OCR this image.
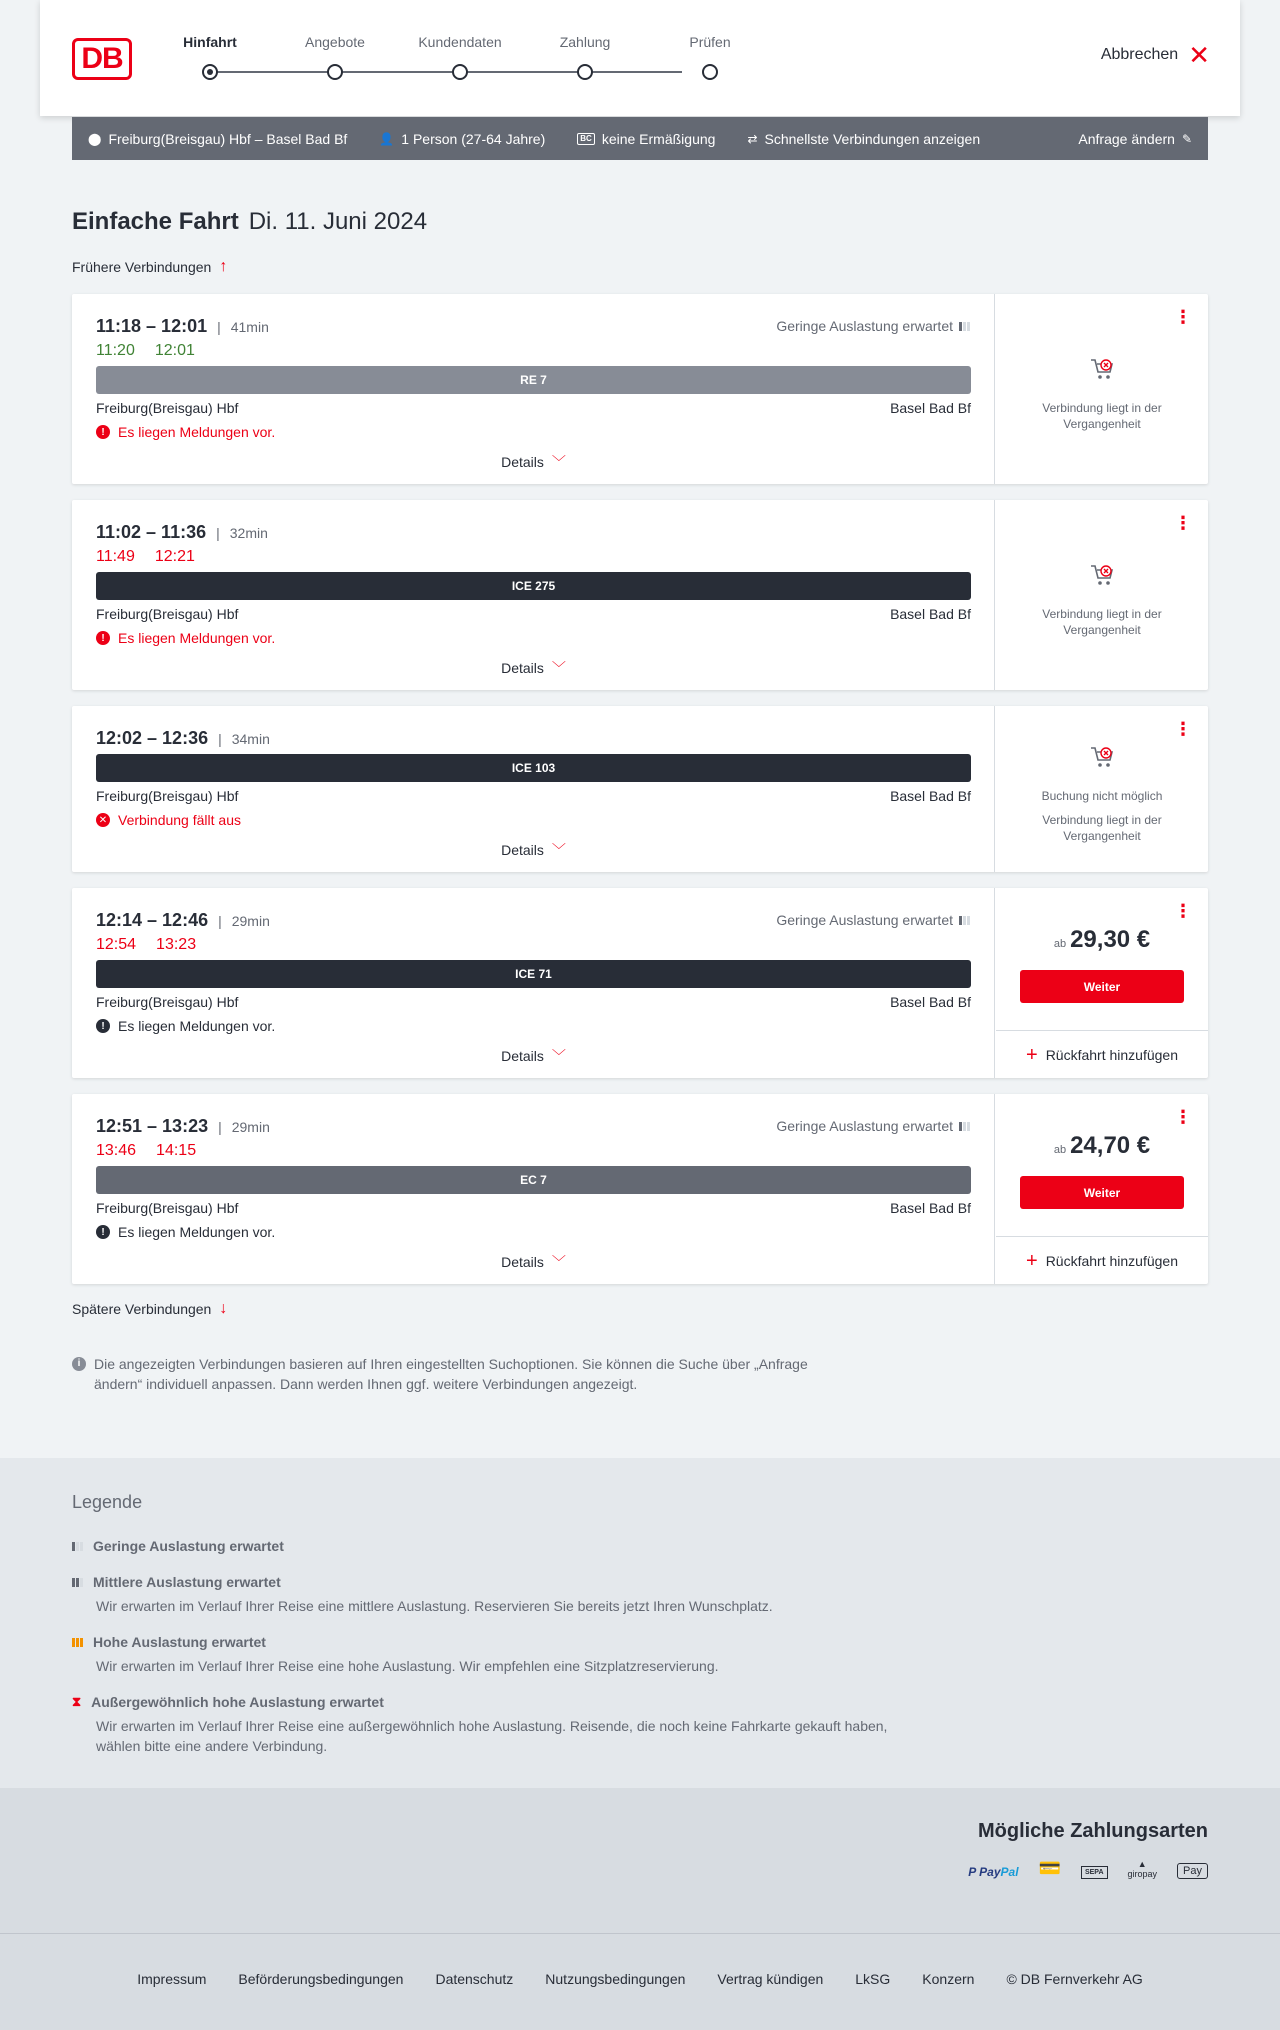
DB	Hinfahrt	Angebote	Kundendaten	Zahlung	Prüfen
Abbrechen ✕
⬤ Freiburg(Breisgau) Hbf – Basel Bad Bf	👤 1 Person (27-64 Jahre)	BC keine Ermäßigung	⇄ Schnellste Verbindungen anzeigen	Anfrage ändern ✎
Einfache Fahrt Di. 11. Juni 2024
Frühere Verbindungen ↑
11:18 – 12:01 | 41min
11:20 12:01
Geringe Auslastung erwartet
RE 7
Freiburg(Breisgau) Hbf	Basel Bad Bf
! Es liegen Meldungen vor.
Details ﹀
⋮
Verbindung liegt in der Vergangenheit
11:02 – 11:36 | 32min
11:49 12:21
ICE 275
Freiburg(Breisgau) Hbf	Basel Bad Bf
! Es liegen Meldungen vor.
Details ﹀
⋮
Verbindung liegt in der Vergangenheit
12:02 – 12:36 | 34min
ICE 103
Freiburg(Breisgau) Hbf	Basel Bad Bf
✕ Verbindung fällt aus
Details ﹀
⋮
Buchung nicht möglich
Verbindung liegt in der Vergangenheit
12:14 – 12:46 | 29min
12:54 13:23
Geringe Auslastung erwartet
ICE 71
Freiburg(Breisgau) Hbf	Basel Bad Bf
! Es liegen Meldungen vor.
Details ﹀
⋮
ab 29,30 €
Weiter
+ Rückfahrt hinzufügen
12:51 – 13:23 | 29min
13:46 14:15
Geringe Auslastung erwartet
EC 7
Freiburg(Breisgau) Hbf	Basel Bad Bf
! Es liegen Meldungen vor.
Details ﹀
⋮
ab 24,70 €
Weiter
+ Rückfahrt hinzufügen
Spätere Verbindungen ↓
i Die angezeigten Verbindungen basieren auf Ihren eingestellten Suchoptionen. Sie können die Suche über „Anfrage ändern“ individuell anpassen. Dann werden Ihnen ggf. weitere Verbindungen angezeigt.
Legende
Geringe Auslastung erwartet
Mittlere Auslastung erwartet
Wir erwarten im Verlauf Ihrer Reise eine mittlere Auslastung. Reservieren Sie bereits jetzt Ihren Wunschplatz.
Hohe Auslastung erwartet
Wir erwarten im Verlauf Ihrer Reise eine hohe Auslastung. Wir empfehlen eine Sitzplatzreservierung.
⧗ Außergewöhnlich hohe Auslastung erwartet
Wir erwarten im Verlauf Ihrer Reise eine außergewöhnlich hohe Auslastung. Reisende, die noch keine Fahrkarte gekauft haben, wählen bitte eine andere Verbindung.
Mögliche Zahlungsarten
P PayPal 💳	SEPA
▲
giropay	Pay
Impressum Beförderungsbedingungen Datenschutz Nutzungsbedingungen Vertrag kündigen LkSG Konzern © DB Fernverkehr AG
